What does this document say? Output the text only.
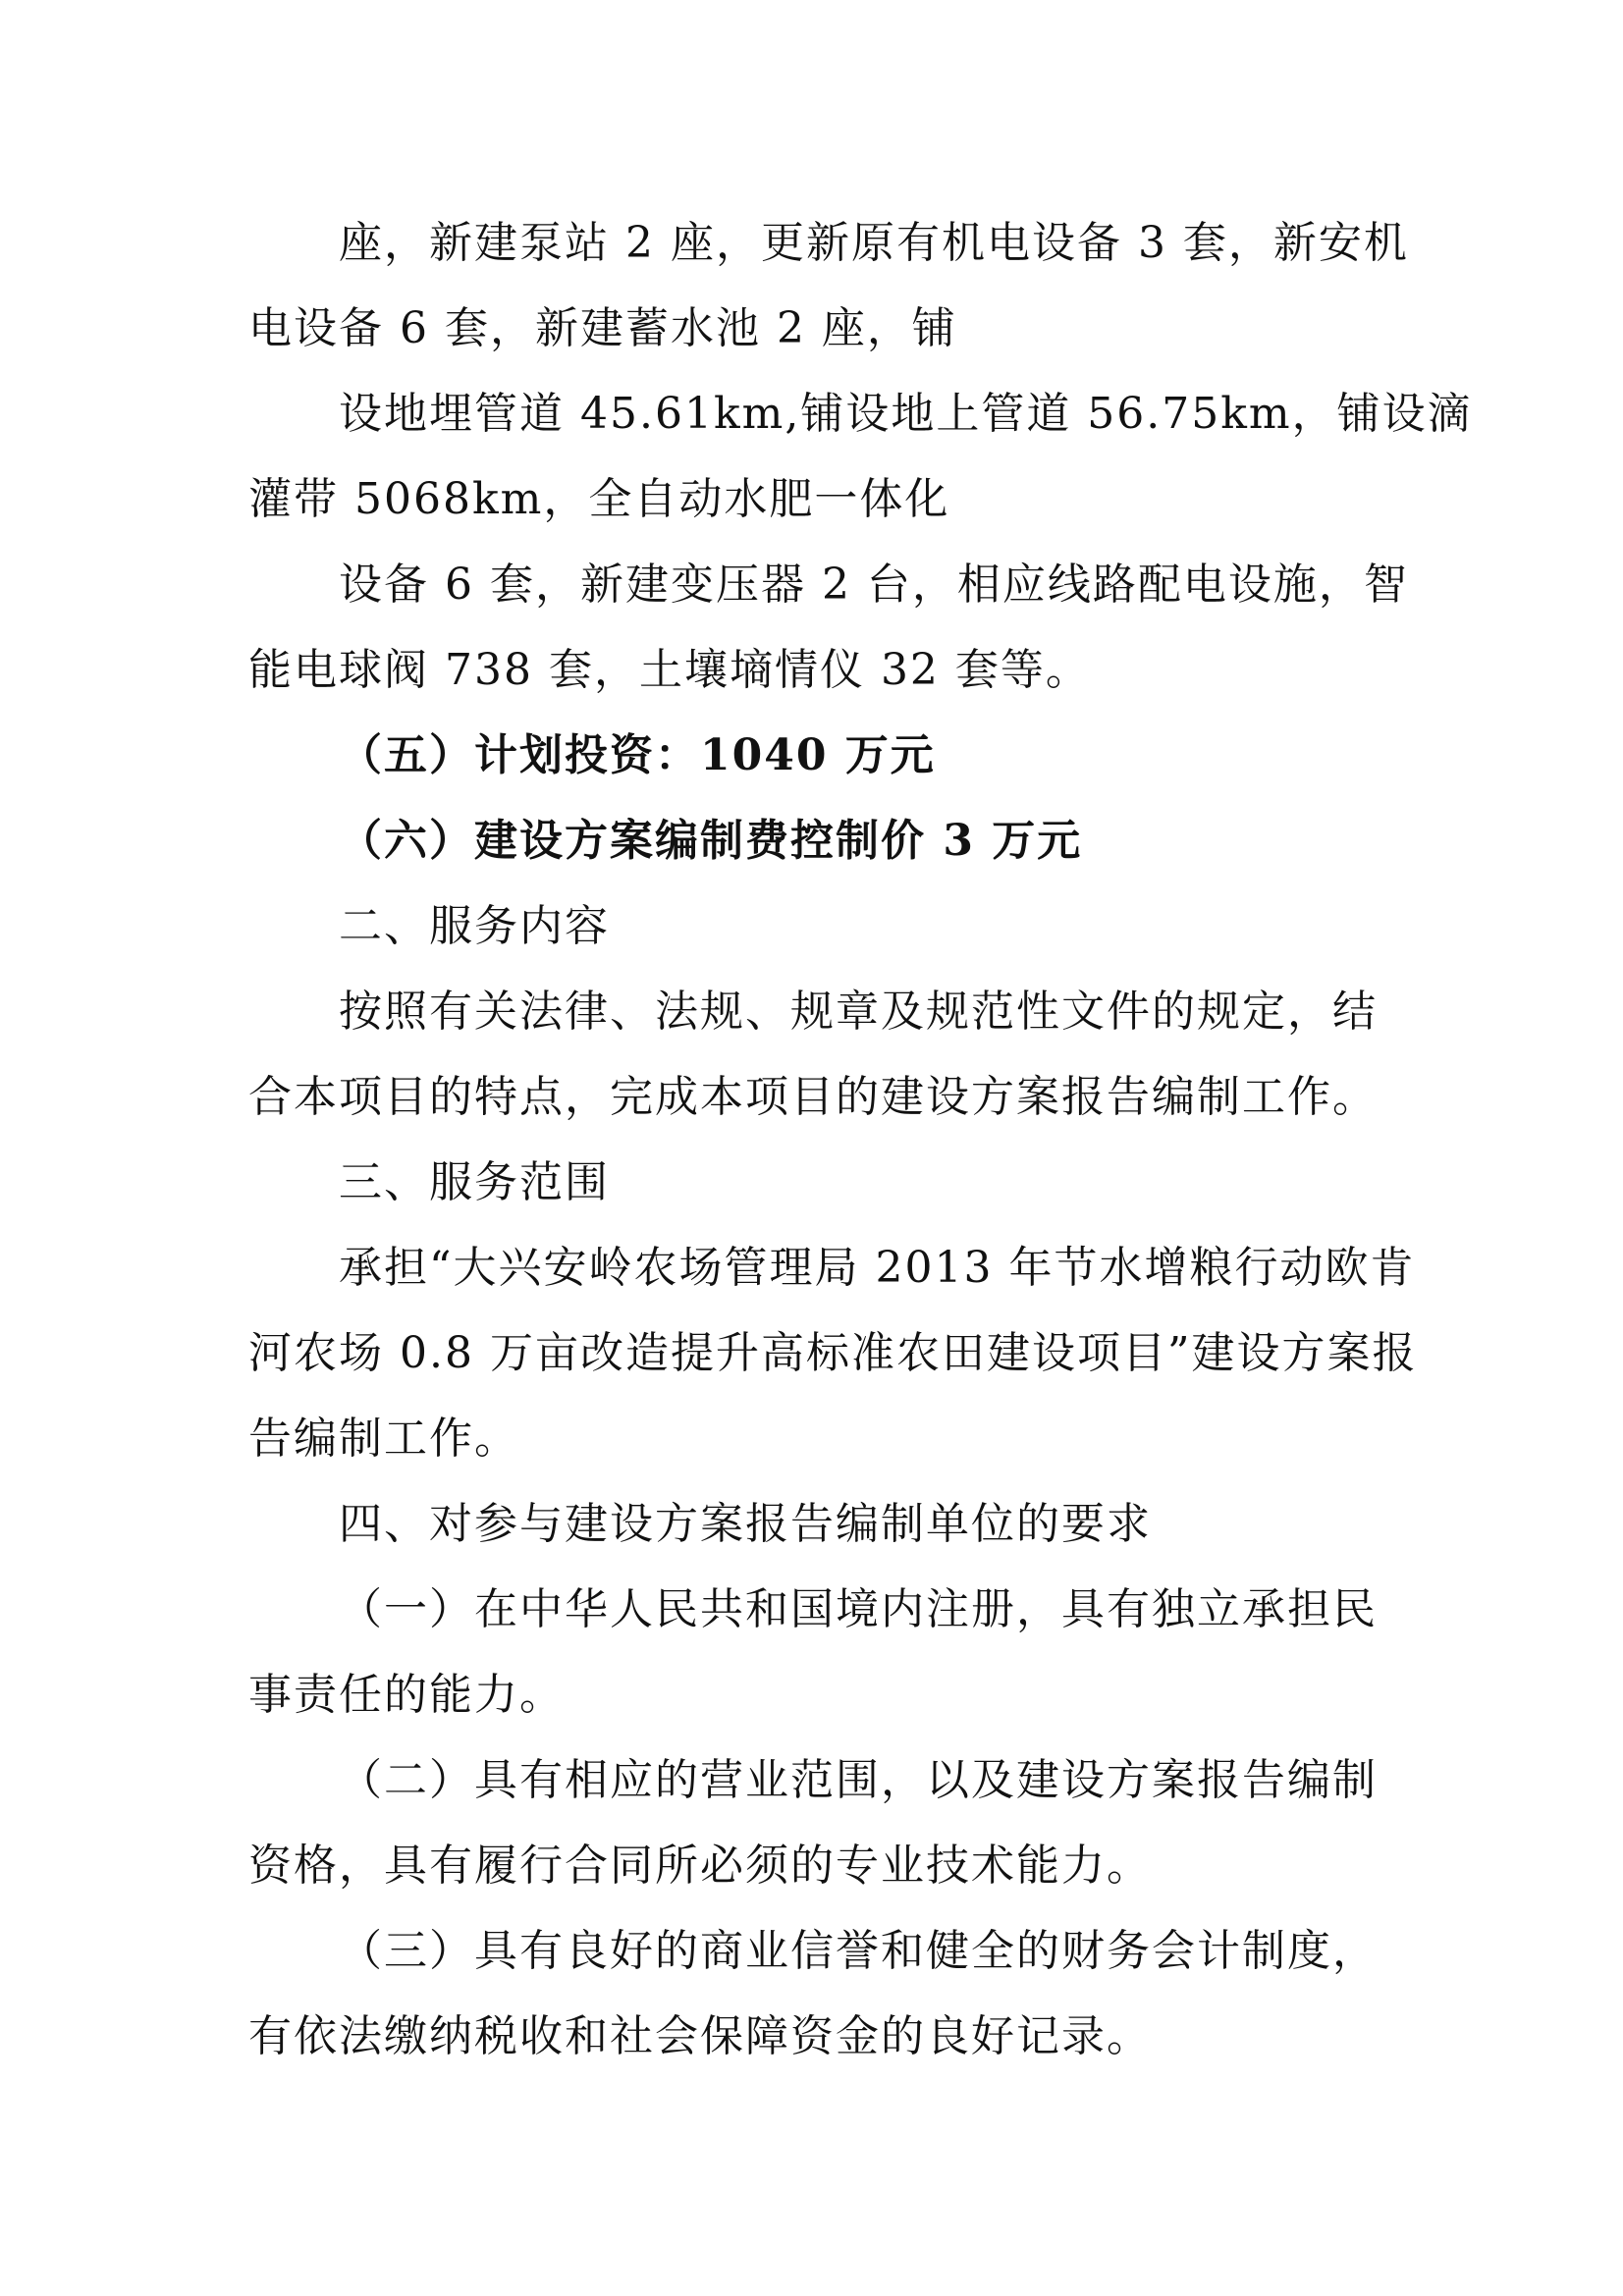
座，新建泵站 2 座，更新原有机电设备 3 套，新安机
电设备 6 套，新建蓄水池 2 座，铺
设地埋管道 45.61km,铺设地上管道 56.75km，铺设滴
灌带 5068km，全自动水肥一体化
设备 6 套，新建变压器 2 台，相应线路配电设施，智
能电球阀 738 套，土壤墒情仪 32 套等。
（五）计划投资：1040 万元
（六）建设方案编制费控制价 3 万元
二、服务内容
按照有关法律、法规、规章及规范性文件的规定，结
合本项目的特点，完成本项目的建设方案报告编制工作。
三、服务范围
承担“大兴安岭农场管理局 2013 年节水增粮行动欧肯
河农场 0.8 万亩改造提升高标准农田建设项目”建设方案报
告编制工作。
四、对参与建设方案报告编制单位的要求
（一）在中华人民共和国境内注册，具有独立承担民
事责任的能力。
（二）具有相应的营业范围，以及建设方案报告编制
资格，具有履行合同所必须的专业技术能力。
（三）具有良好的商业信誉和健全的财务会计制度，
有依法缴纳税收和社会保障资金的良好记录。
